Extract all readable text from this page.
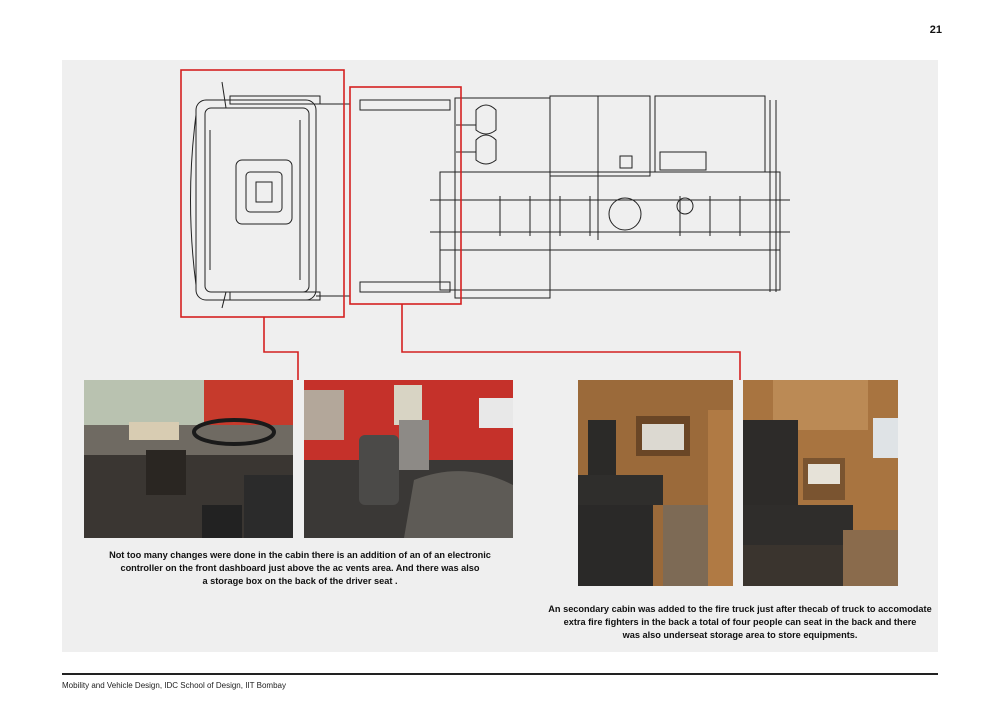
21
Not too many changes were done in the cabin there is an addition of an of an electronic
controller on the front dashboard just above the ac vents area. And there was also
a storage box on the back of the driver seat .
An secondary cabin was added to the fire truck just after thecab of truck to accomodate
extra fire fighters in the back a total of four people can seat in the back and there
was also underseat storage area to store equipments.
Mobility and Vehicle Design, IDC School of Design, IIT Bombay
